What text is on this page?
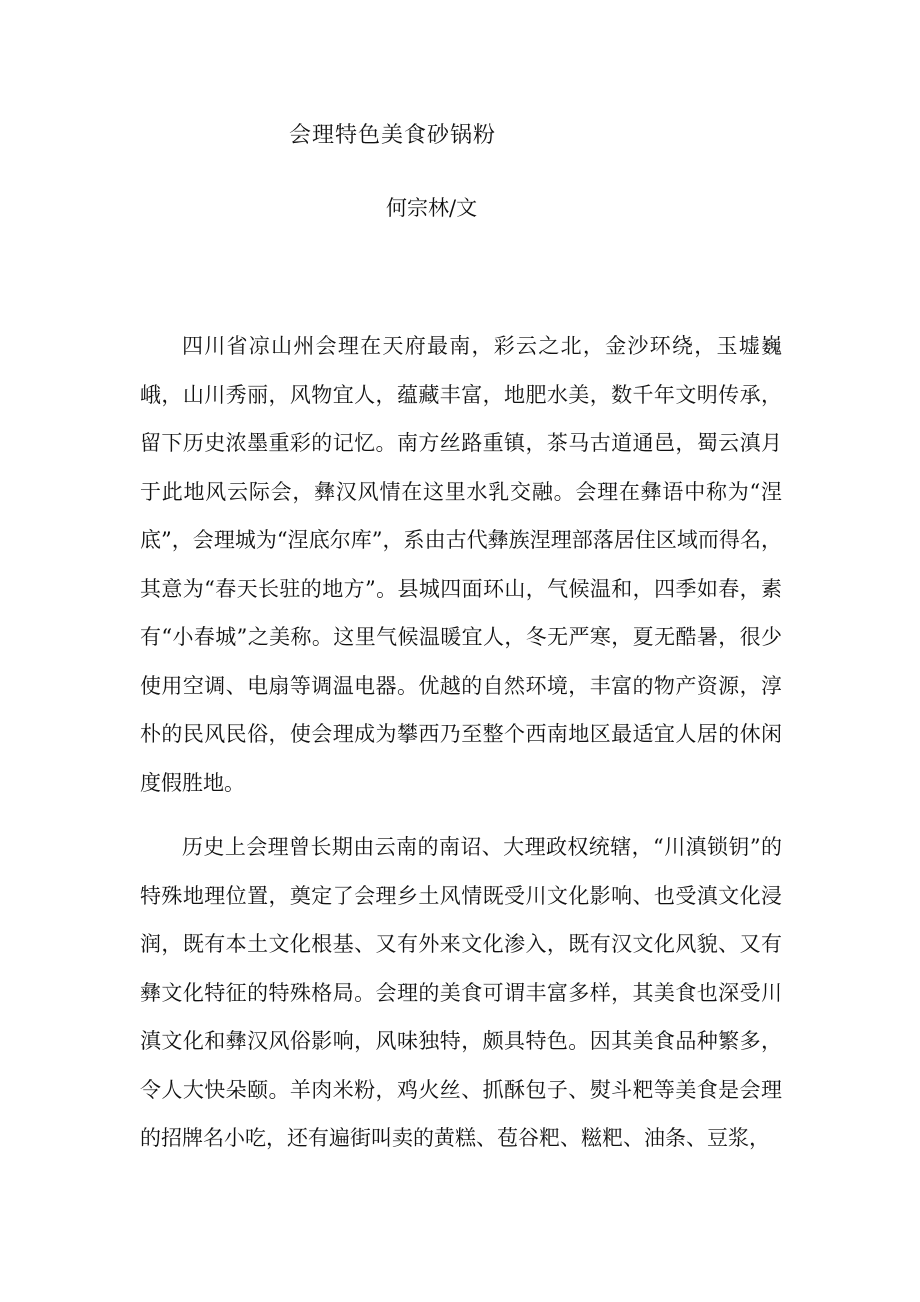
会理特色美食砂锅粉
何宗林/文

四川省凉山州会理在天府最南，彩云之北，金沙环绕，玉墟巍峨，山川秀丽，风物宜人，蕴藏丰富，地肥水美，数千年文明传承，留下历史浓墨重彩的记忆。南方丝路重镇，茶马古道通邑，蜀云滇月于此地风云际会，彝汉风情在这里水乳交融。会理在彝语中称为“涅底”，会理城为“涅底尔库”，系由古代彝族涅理部落居住区域而得名，其意为“春天长驻的地方”。县城四面环山，气候温和，四季如春，素有“小春城”之美称。这里气候温暖宜人，冬无严寒，夏无酷暑，很少使用空调、电扇等调温电器。优越的自然环境，丰富的物产资源，淳朴的民风民俗，使会理成为攀西乃至整个西南地区最适宜人居的休闲度假胜地。

历史上会理曾长期由云南的南诏、大理政权统辖，“川滇锁钥”的特殊地理位置，奠定了会理乡土风情既受川文化影响、也受滇文化浸润，既有本土文化根基、又有外来文化渗入，既有汉文化风貌、又有彝文化特征的特殊格局。会理的美食可谓丰富多样，其美食也深受川滇文化和彝汉风俗影响，风味独特，颇具特色。因其美食品种繁多，令人大快朵颐。羊肉米粉，鸡火丝、抓酥包子、熨斗粑等美食是会理的招牌名小吃，还有遍街叫卖的黄糕、苞谷粑、糍粑、油条、豆浆，
